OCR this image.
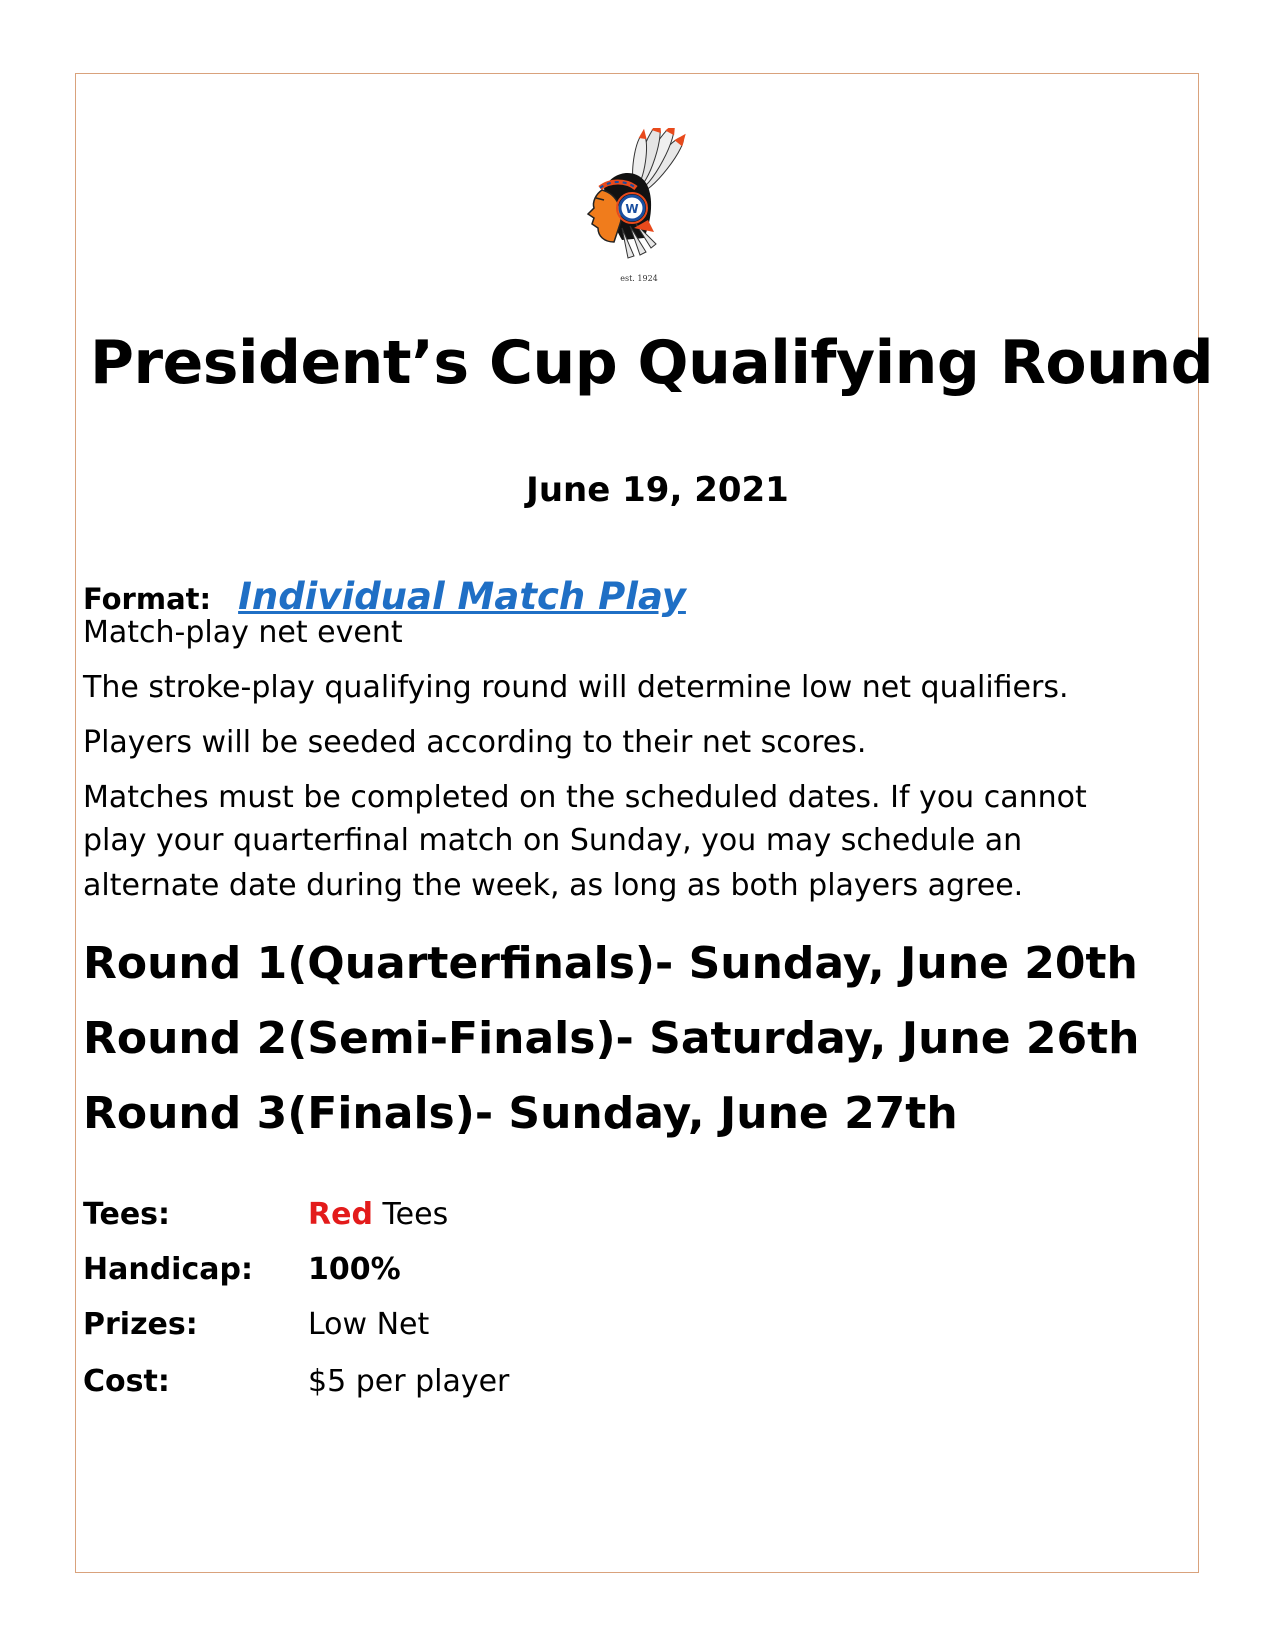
W
est. 1924
President’s Cup Qualifying Round
June 19, 2021
Format: Individual Match Play
Match-play net event
The stroke-play qualifying round will determine low net qualifiers.
Players will be seeded according to their net scores.
Matches must be completed on the scheduled dates. If you cannot
play your quarterfinal match on Sunday, you may schedule an
alternate date during the week, as long as both players agree.
Round 1(Quarterfinals)- Sunday, June 20th
Round 2(Semi-Finals)- Saturday, June 26th
Round 3(Finals)- Sunday, June 27th
Tees:	Red Tees
Handicap: 100%
Prizes:	Low Net
Cost:	$5 per player
